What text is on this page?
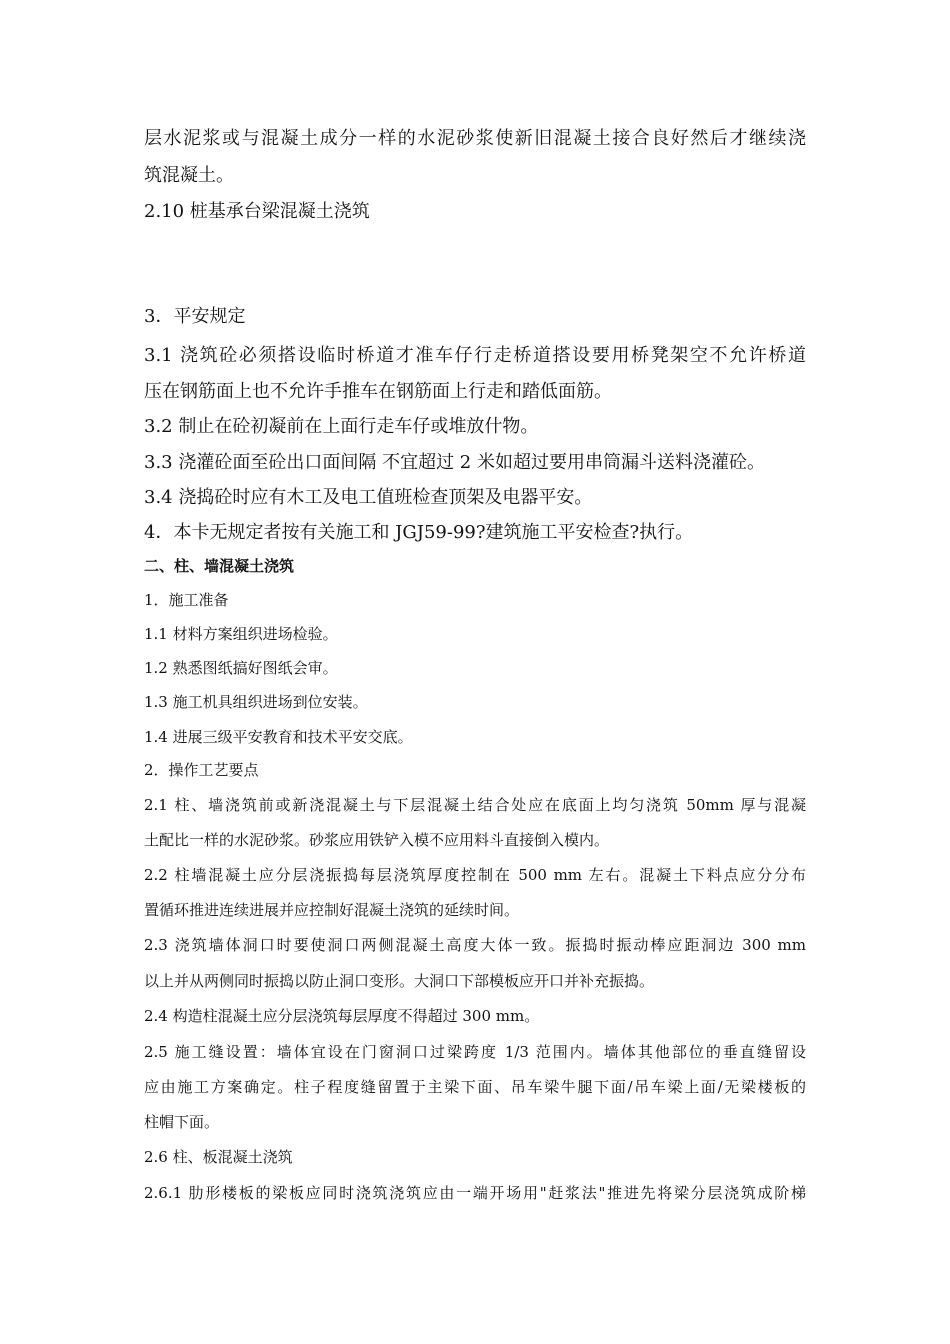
层水泥浆或与混凝土成分一样的水泥砂浆使新旧混凝土接合良好然后才继续浇
筑混凝土。
2.10 桩基承台梁混凝土浇筑
3．平安规定
3.1 浇筑砼必须搭设临时桥道才准车仔行走桥道搭设要用桥凳架空不允许桥道
压在钢筋面上也不允许手推车在钢筋面上行走和踏低面筋。
3.2 制止在砼初凝前在上面行走车仔或堆放什物。
3.3 浇灌砼面至砼出口面间隔 不宜超过 2 米如超过要用串筒漏斗送料浇灌砼。
3.4 浇捣砼时应有木工及电工值班检查顶架及电器平安。
4．本卡无规定者按有关施工和 JGJ59-99?建筑施工平安检查?执行。
二、柱、墙混凝土浇筑
1．施工准备
1.1 材料方案组织进场检验。
1.2 熟悉图纸搞好图纸会审。
1.3 施工机具组织进场到位安装。
1.4 进展三级平安教育和技术平安交底。
2．操作工艺要点
2.1 柱、墙浇筑前或新浇混凝土与下层混凝土结合处应在底面上均匀浇筑 50mm 厚与混凝
土配比一样的水泥砂浆。砂浆应用铁铲入模不应用料斗直接倒入模内。
2.2 柱墙混凝土应分层浇振捣每层浇筑厚度控制在 500 mm 左右。混凝土下料点应分分布
置循环推进连续进展并应控制好混凝土浇筑的延续时间。
2.3 浇筑墙体洞口时要使洞口两侧混凝土高度大体一致。振捣时振动棒应距洞边 300 mm
以上并从两侧同时振捣以防止洞口变形。大洞口下部模板应开口并补充振捣。
2.4 构造柱混凝土应分层浇筑每层厚度不得超过 300 mm。
2.5 施工缝设置：墙体宜设在门窗洞口过梁跨度 1/3 范围内。墙体其他部位的垂直缝留设
应由施工方案确定。柱子程度缝留置于主梁下面、吊车梁牛腿下面/吊车梁上面/无梁楼板的
柱帽下面。
2.6 柱、板混凝土浇筑
2.6.1 肋形楼板的梁板应同时浇筑浇筑应由一端开场用"赶浆法"推进先将梁分层浇筑成阶梯
